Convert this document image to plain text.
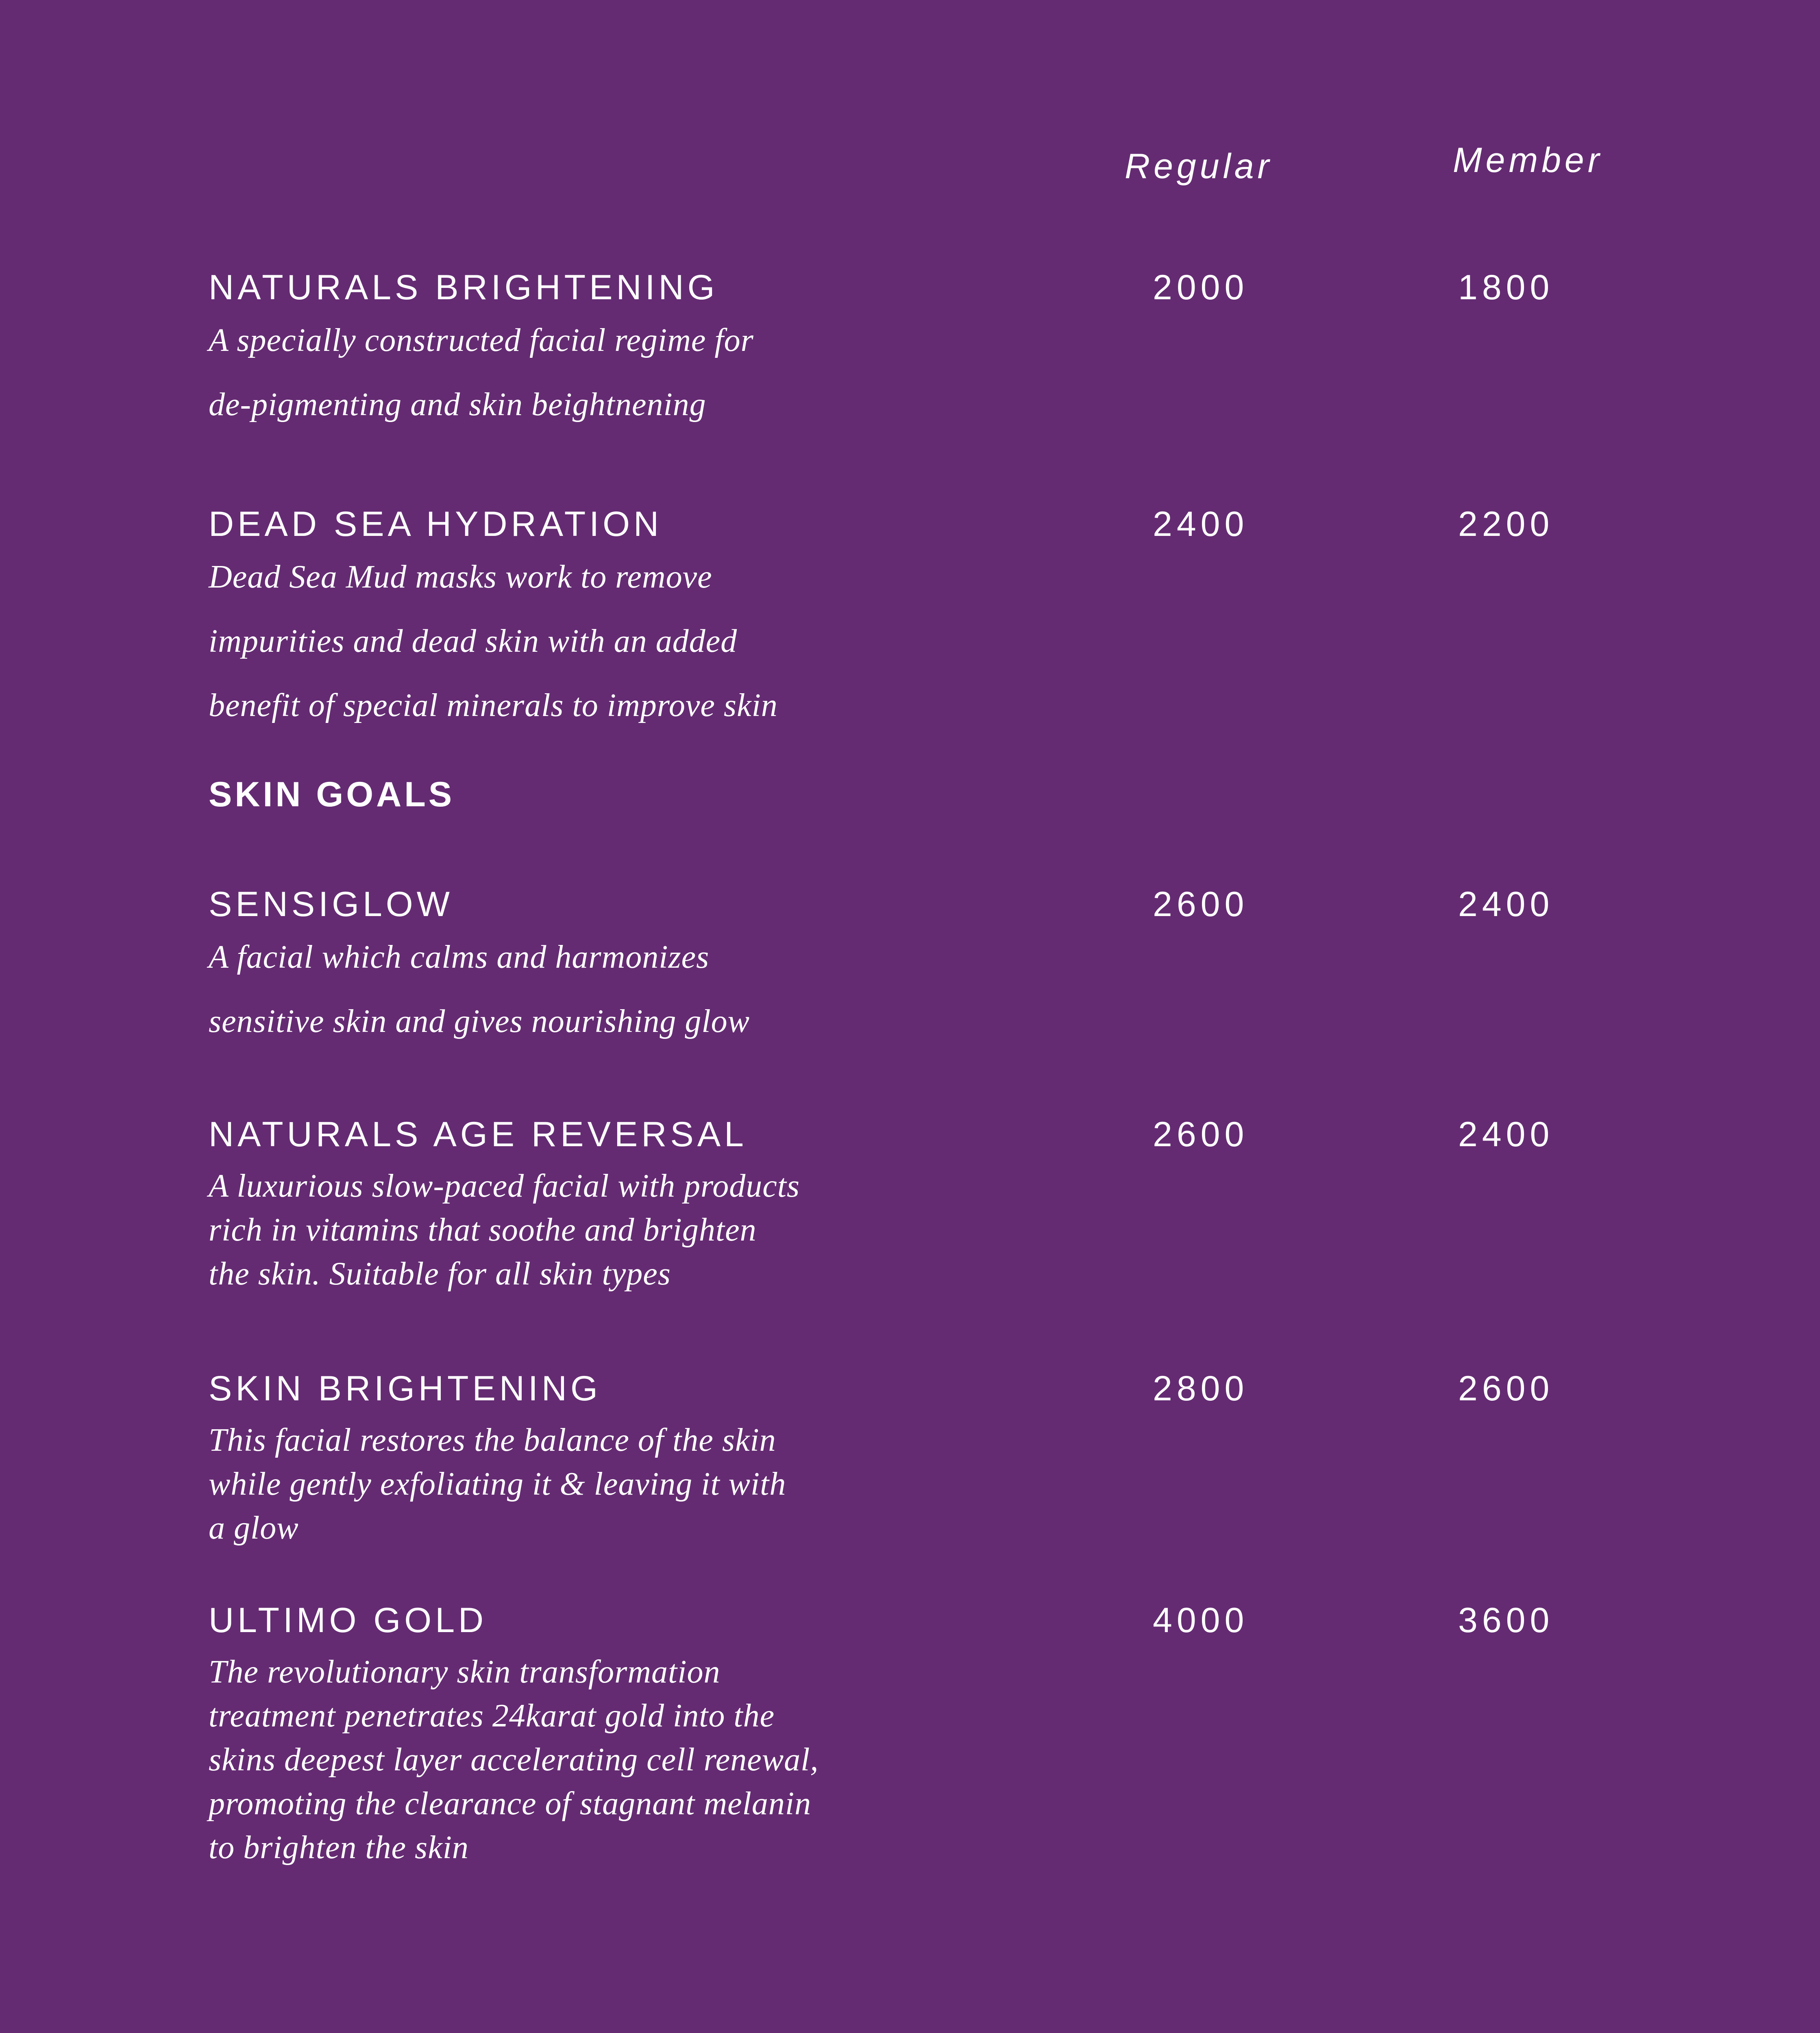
Regular	Member
NATURALS BRIGHTENING	2000	1800
A specially constructed facial regime for
de-pigmenting and skin beightnening
DEAD SEA HYDRATION	2400	2200
Dead Sea Mud masks work to remove
impurities and dead skin with an added
benefit of special minerals to improve skin
SKIN GOALS
SENSIGLOW	2600	2400
A facial which calms and harmonizes
sensitive skin and gives nourishing glow
NATURALS AGE REVERSAL	2600	2400
A luxurious slow-paced facial with products
rich in vitamins that soothe and brighten
the skin. Suitable for all skin types
SKIN BRIGHTENING	2800	2600
This facial restores the balance of the skin
while gently exfoliating it & leaving it with
a glow
ULTIMO GOLD	4000	3600
The revolutionary skin transformation
treatment penetrates 24karat gold into the
skins deepest layer accelerating cell renewal,
promoting the clearance of stagnant melanin
to brighten the skin
